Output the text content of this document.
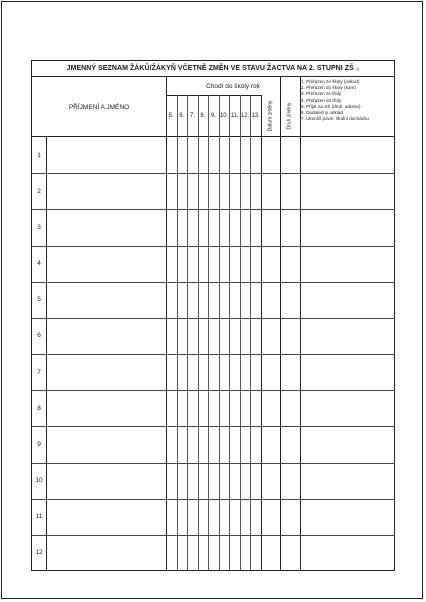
JMENNÝ SEZNAM ŽÁKŮ/ŽÁKYŇ VČETNĚ ZMĚN VE STAVU ŽACTVA NA 2. STUPNI ZŠ 1)
PŘÍJMENÍ A JMÉNO
Chodí do školy rok
Datum změny	Druh změny
1. Přeřazen ze školy (odkud)
2. Přeřazen do školy (kam)
3. Přeřazen ze třídy
4. Přeřazen do třídy
5. Přijat na SŠ (druh, adresa)
6. Dodatečný odklad
7. Ukončil povin. školní docházku
5. 6. 7. 8. 9. 10. 11. 12. 13.
1
2
3
4
5
6
7
8
9
10
11
12
